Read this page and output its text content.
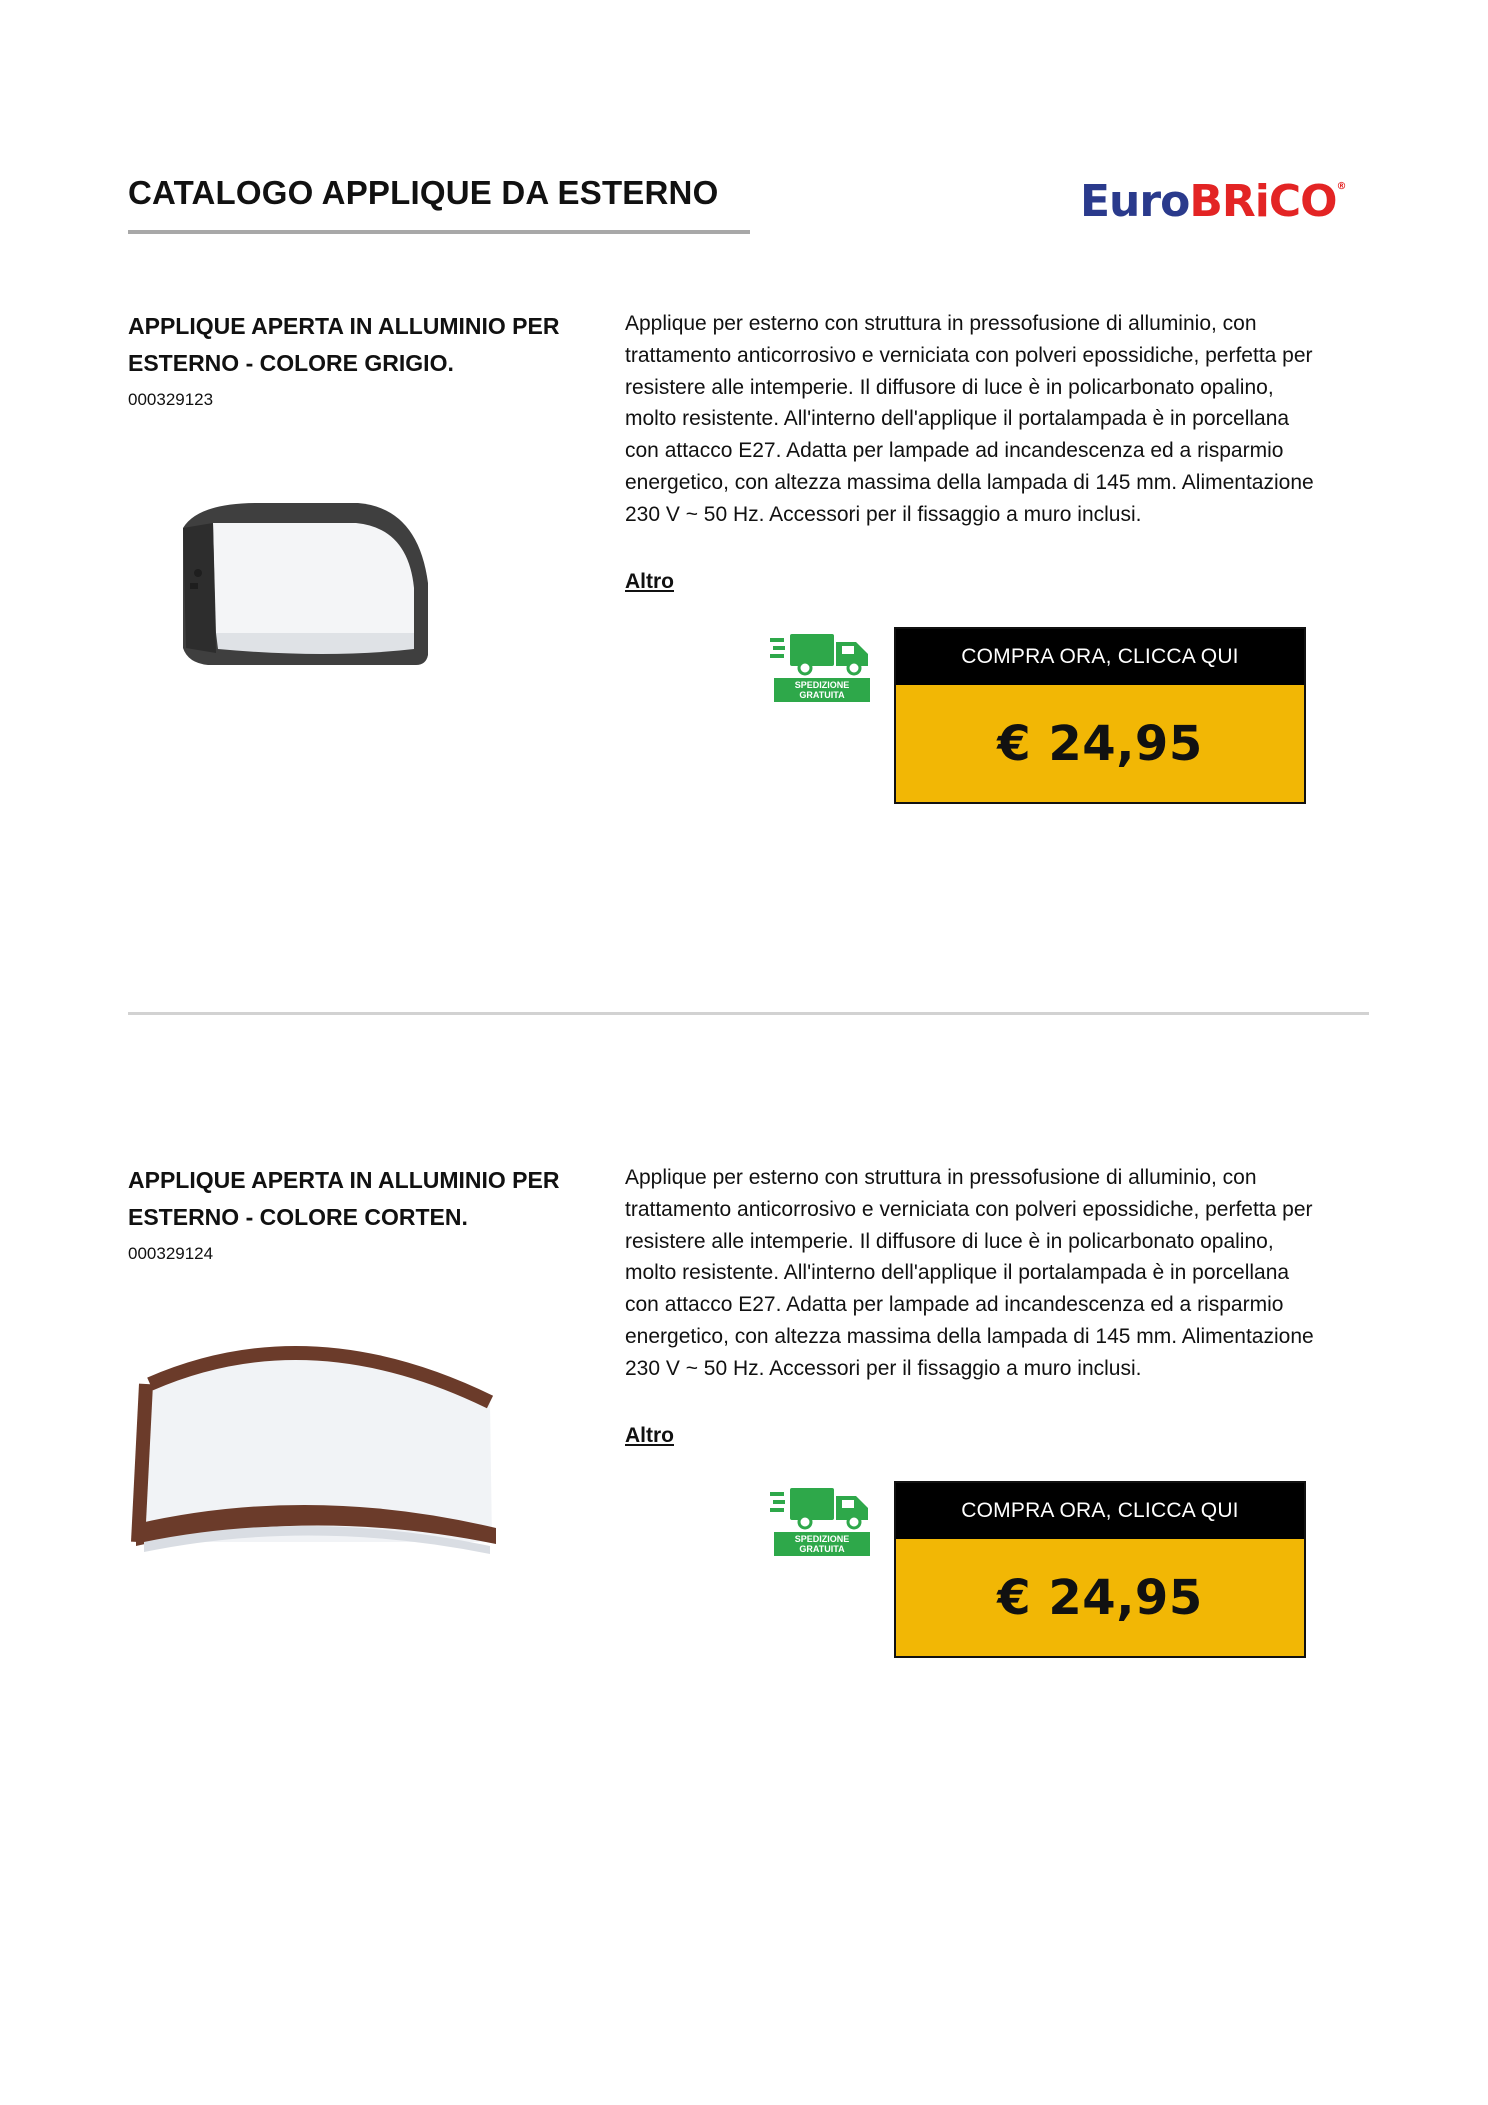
CATALOGO APPLIQUE DA ESTERNO	EuroBRiCO®
APPLIQUE APERTA IN ALLUMINIO PER ESTERNO - COLORE GRIGIO.
000329123
Applique per esterno con struttura in pressofusione di alluminio, con trattamento anticorrosivo e verniciata con polveri epossidiche, perfetta per resistere alle intemperie. Il diffusore di luce è in policarbonato opalino, molto resistente. All'interno dell'applique il portalampada è in porcellana con attacco E27. Adatta per lampade ad incandescenza ed a risparmio energetico, con altezza massima della lampada di 145 mm. Alimentazione 230 V ~ 50 Hz. Accessori per il fissaggio a muro inclusi.
Altro
SPEDIZIONE
GRATUITA
COMPRA ORA, CLICCA QUI
€ 24,95
APPLIQUE APERTA IN ALLUMINIO PER ESTERNO - COLORE CORTEN.
000329124
Applique per esterno con struttura in pressofusione di alluminio, con trattamento anticorrosivo e verniciata con polveri epossidiche, perfetta per resistere alle intemperie. Il diffusore di luce è in policarbonato opalino, molto resistente. All'interno dell'applique il portalampada è in porcellana con attacco E27. Adatta per lampade ad incandescenza ed a risparmio energetico, con altezza massima della lampada di 145 mm. Alimentazione 230 V ~ 50 Hz. Accessori per il fissaggio a muro inclusi.
Altro
SPEDIZIONE
GRATUITA
COMPRA ORA, CLICCA QUI
€ 24,95
